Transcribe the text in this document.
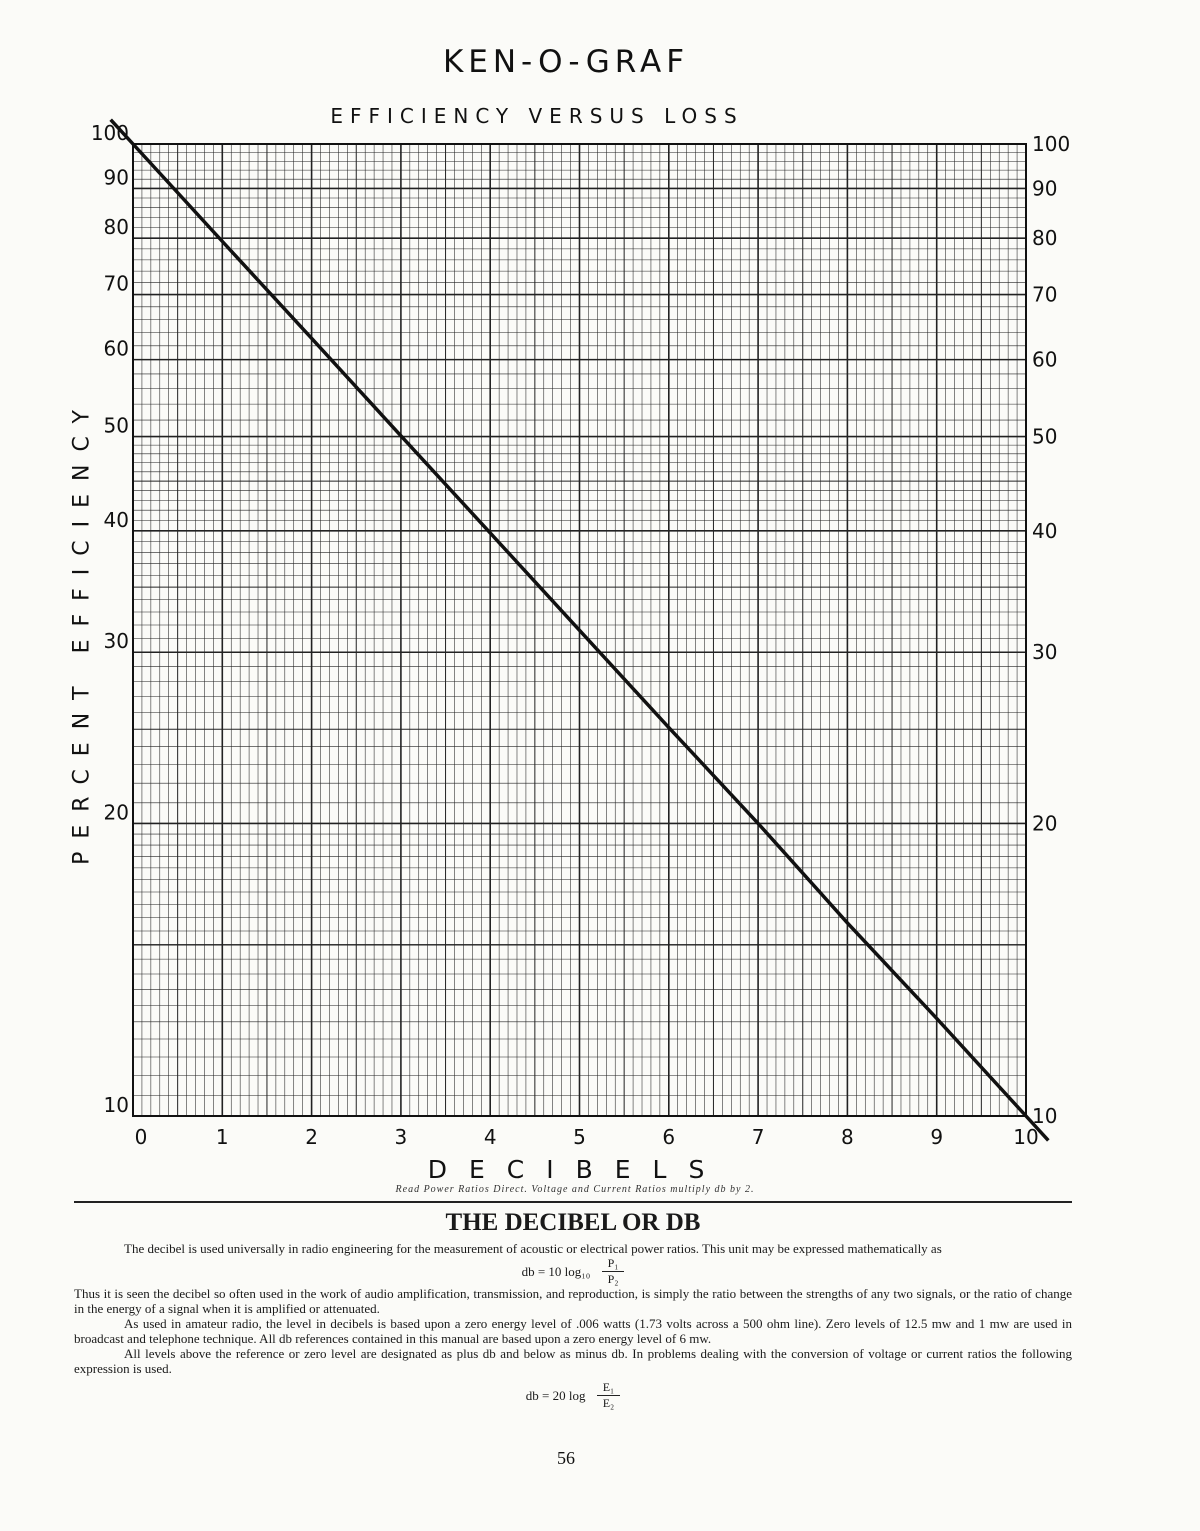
KEN-O-GRAF
EFFICIENCY VERSUS LOSS
10
20
30
40
50
60
70
80
90
100
10
20
30
40
50
60
70
80
90
100
0	1	2	3	4	5	6	7	8	9	10
PERCENT EFFICIENCY
DECIBELS
Read Power Ratios Direct. Voltage and Current Ratios multiply db by 2.
THE DECIBEL OR DB

The decibel is used universally in radio engineering for the measurement of acoustic or electrical power ratios. This unit may be expressed mathematically as

db = 10 $\log_{10} \frac{\text{P₁}}{\text{P₂}}$

Thus it is seen the decibel so often used in the work of audio amplification, transmission, and reproduction, is simply the ratio between the strengths of any two signals, or the ratio of change in the energy of a signal when it is amplified or attenuated.

As used in amateur radio, the level in decibels is based upon a zero energy level of .006 watts (1.73 volts across a 500 ohm line). Zero levels of 12.5 mw and 1 mw are used in broadcast and telephone technique. All db references contained in this manual are based upon a zero energy level of 6 mw.

All levels above the reference or zero level are designated as plus db and below as minus db. In problems dealing with the conversion of voltage or current ratios the following expression is used.

db = 20 $\log \frac{\text{E₁}}{\text{E₂}}$
56
